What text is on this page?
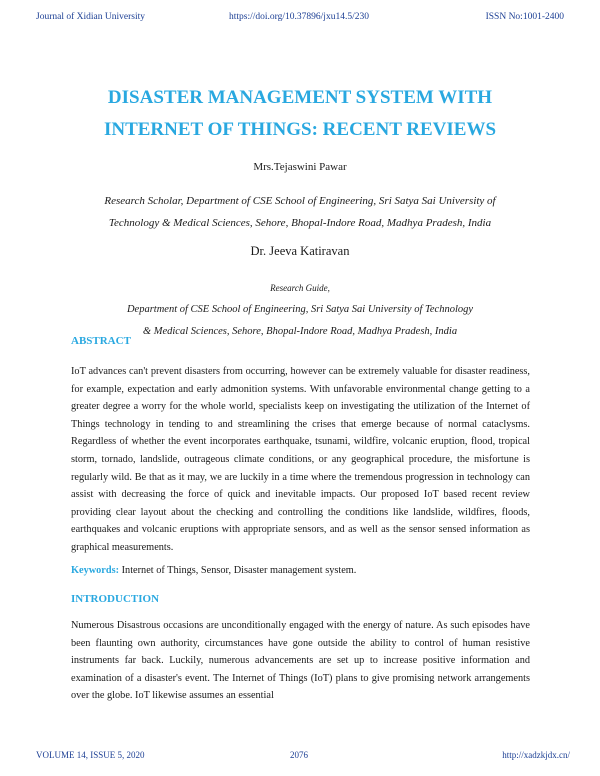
Journal of Xidian University	https://doi.org/10.37896/jxu14.5/230	ISSN No:1001-2400
DISASTER MANAGEMENT SYSTEM WITH
INTERNET OF THINGS: RECENT REVIEWS
Mrs.Tejaswini Pawar
Research Scholar, Department of CSE School of Engineering, Sri Satya Sai University of
Technology & Medical Sciences, Sehore, Bhopal-Indore Road, Madhya Pradesh, India
Dr. Jeeva Katiravan
Research Guide,
Department of CSE School of Engineering, Sri Satya Sai University of Technology
& Medical Sciences, Sehore, Bhopal-Indore Road, Madhya Pradesh, India
ABSTRACT

IoT advances can't prevent disasters from occurring, however can be extremely valuable for disaster readiness, for example, expectation and early admonition systems. With unfavorable environmental change getting to a greater degree a worry for the whole world, specialists keep on investigating the utilization of the Internet of Things technology in tending to and streamlining the crises that emerge because of normal cataclysms. Regardless of whether the event incorporates earthquake, tsunami, wildfire, volcanic eruption, flood, tropical storm, tornado, landslide, outrageous climate conditions, or any geographical procedure, the misfortune is regularly wild. Be that as it may, we are luckily in a time where the tremendous progression in technology can assist with decreasing the force of quick and inevitable impacts. Our proposed IoT based recent review providing clear layout about the checking and controlling the conditions like landslide, wildfires, floods, earthquakes and volcanic eruptions with appropriate sensors, and as well as the sensor sensed information as graphical measurements.

Keywords: Internet of Things, Sensor, Disaster management system.

INTRODUCTION

Numerous Disastrous occasions are unconditionally engaged with the energy of nature. As such episodes have been flaunting own authority, circumstances have gone outside the ability to control of human resistive instruments far back. Luckily, numerous advancements are set up to increase positive information and examination of a disaster's event. The Internet of Things (IoT) plans to give promising network arrangements over the globe. IoT likewise assumes an essential

VOLUME 14, ISSUE 5, 2020	2076	http://xadzkjdx.cn/
